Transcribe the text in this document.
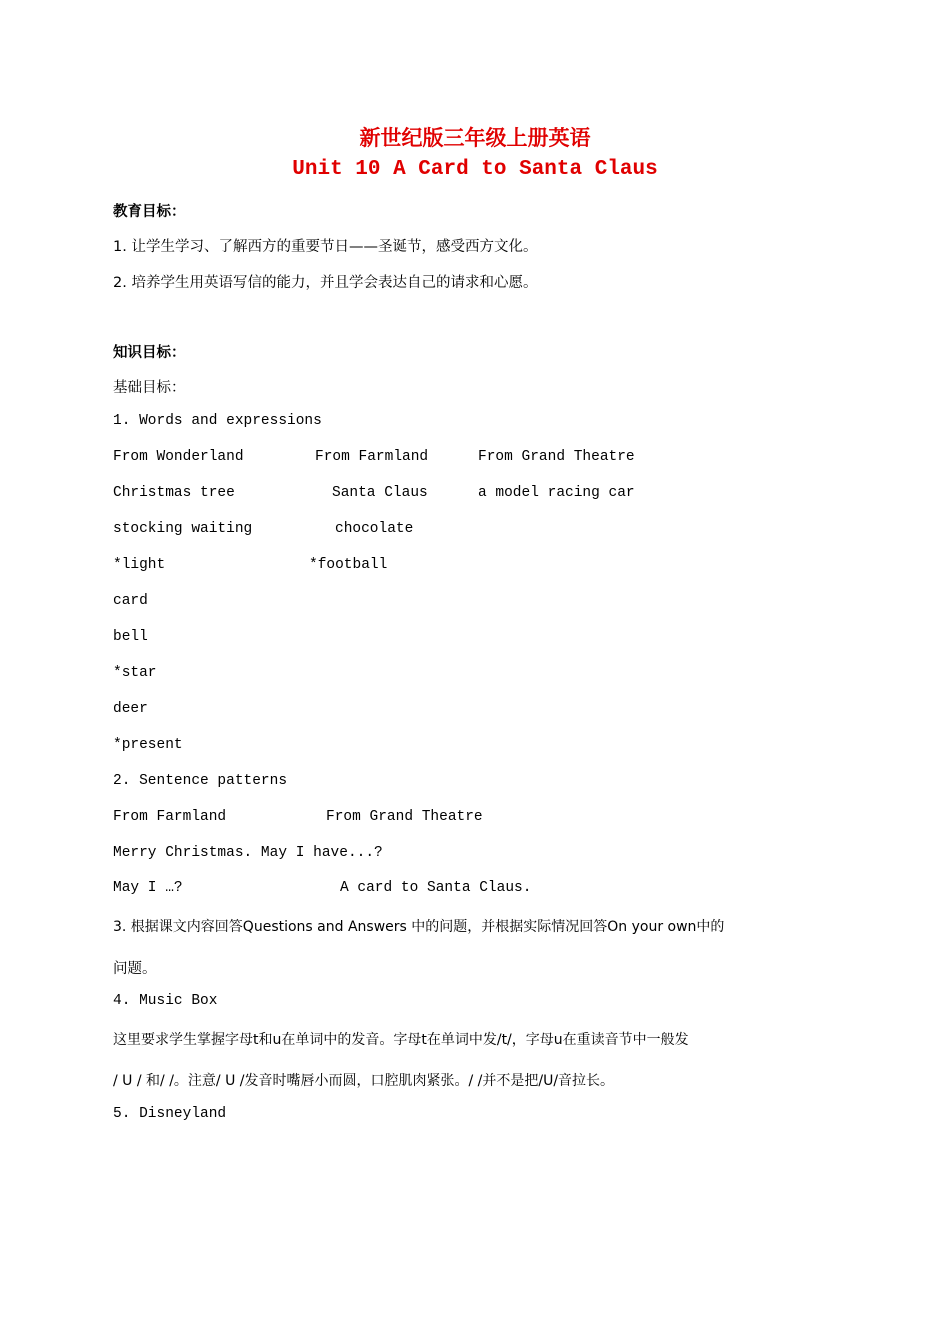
新世纪版三年级上册英语
Unit 10 A Card to Santa Claus
教育目标：
1. 让学生学习、了解西方的重要节日——圣诞节，感受西方文化。
2. 培养学生用英语写信的能力，并且学会表达自己的请求和心愿。
知识目标：
基础目标：
1. Words and expressions
From Wonderland	From Farmland	From Grand Theatre
Christmas tree	Santa Claus	a model racing car
stocking waiting	chocolate
*light	*football
card
bell
*star
deer
*present
2. Sentence patterns
From Farmland	From Grand Theatre
Merry Christmas. May I have...?
May I …?	A card to Santa Claus.
3. 根据课文内容回答Questions and Answers 中的问题，并根据实际情况回答On your own中的
问题。
4. Music Box
这里要求学生掌握字母t和u在单词中的发音。字母t在单词中发/t/，字母u在重读音节中一般发
/ U / 和/ /。注意/ U /发音时嘴唇小而圆，口腔肌肉紧张。/ /并不是把/U/音拉长。
5. Disneyland
